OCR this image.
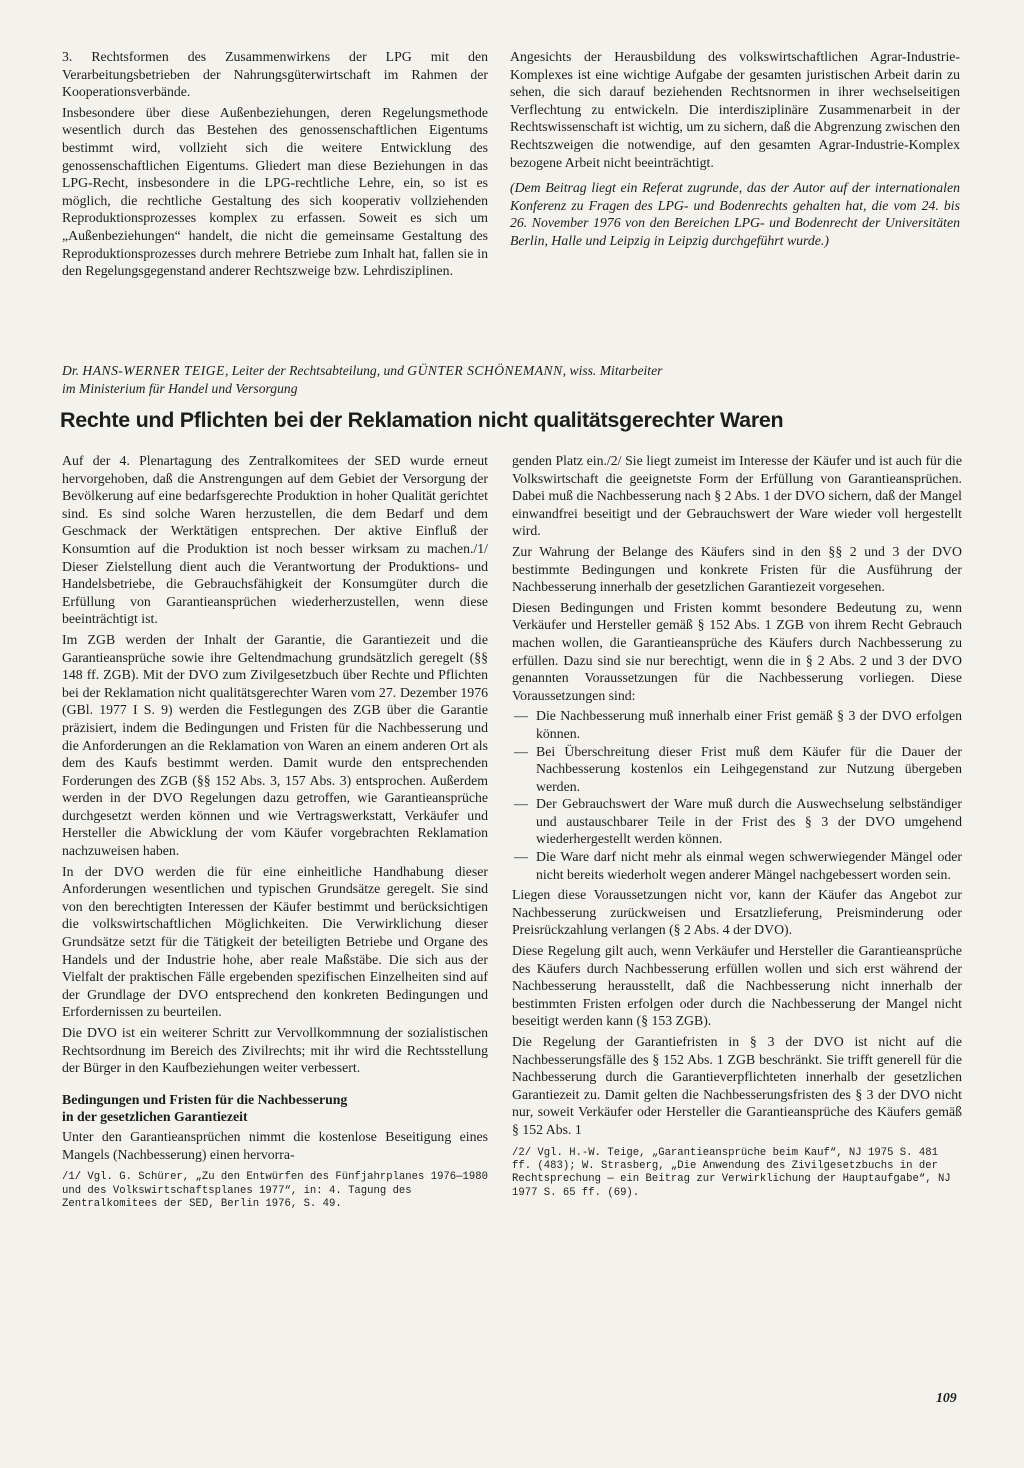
3. Rechtsformen des Zusammenwirkens der LPG mit den Verarbeitungsbetrieben der Nahrungsgüterwirtschaft im Rahmen der Kooperationsverbände.

Insbesondere über diese Außenbeziehungen, deren Regelungsmethode wesentlich durch das Bestehen des genossenschaftlichen Eigentums bestimmt wird, vollzieht sich die weitere Entwicklung des genossenschaftlichen Eigentums. Gliedert man diese Beziehungen in das LPG-Recht, insbesondere in die LPG-rechtliche Lehre, ein, so ist es möglich, die rechtliche Gestaltung des sich kooperativ vollziehenden Reproduktionsprozesses komplex zu erfassen. Soweit es sich um „Außenbeziehungen“ handelt, die nicht die gemeinsame Gestaltung des Reproduktionsprozesses durch mehrere Betriebe zum Inhalt hat, fallen sie in den Regelungsgegenstand anderer Rechtszweige bzw. Lehrdisziplinen.

Angesichts der Herausbildung des volkswirtschaftlichen Agrar-Industrie-Komplexes ist eine wichtige Aufgabe der gesamten juristischen Arbeit darin zu sehen, die sich darauf beziehenden Rechtsnormen in ihrer wechselseitigen Verflechtung zu entwickeln. Die interdisziplinäre Zusammenarbeit in der Rechtswissenschaft ist wichtig, um zu sichern, daß die Abgrenzung zwischen den Rechtszweigen die notwendige, auf den gesamten Agrar-Industrie-Komplex bezogene Arbeit nicht beeinträchtigt.

(Dem Beitrag liegt ein Referat zugrunde, das der Autor auf der internationalen Konferenz zu Fragen des LPG- und Bodenrechts gehalten hat, die vom 24. bis 26. November 1976 von den Bereichen LPG- und Bodenrecht der Universitäten Berlin, Halle und Leipzig in Leipzig durchgeführt wurde.)

Dr. HANS-WERNER TEIGE, Leiter der Rechtsabteilung, und GÜNTER SCHÖNEMANN, wiss. Mitarbeiter
im Ministerium für Handel und Versorgung
Rechte und Pflichten bei der Reklamation nicht qualitätsgerechter Waren

Auf der 4. Plenartagung des Zentralkomitees der SED wurde erneut hervorgehoben, daß die Anstrengungen auf dem Gebiet der Versorgung der Bevölkerung auf eine bedarfsgerechte Produktion in hoher Qualität gerichtet sind. Es sind solche Waren herzustellen, die dem Bedarf und dem Geschmack der Werktätigen entsprechen. Der aktive Einfluß der Konsumtion auf die Produktion ist noch besser wirksam zu machen./1/ Dieser Zielstellung dient auch die Verantwortung der Produktions- und Handelsbetriebe, die Gebrauchsfähigkeit der Konsumgüter durch die Erfüllung von Garantieansprüchen wiederherzustellen, wenn diese beeinträchtigt ist.

Im ZGB werden der Inhalt der Garantie, die Garantiezeit und die Garantieansprüche sowie ihre Geltendmachung grundsätzlich geregelt (§§ 148 ff. ZGB). Mit der DVO zum Zivilgesetzbuch über Rechte und Pflichten bei der Reklamation nicht qualitätsgerechter Waren vom 27. Dezember 1976 (GBl. 1977 I S. 9) werden die Festlegungen des ZGB über die Garantie präzisiert, indem die Bedingungen und Fristen für die Nachbesserung und die Anforderungen an die Reklamation von Waren an einem anderen Ort als dem des Kaufs bestimmt werden. Damit wurde den entsprechenden Forderungen des ZGB (§§ 152 Abs. 3, 157 Abs. 3) entsprochen. Außerdem werden in der DVO Regelungen dazu getroffen, wie Garantieansprüche durchgesetzt werden können und wie Vertragswerkstatt, Verkäufer und Hersteller die Abwicklung der vom Käufer vorgebrachten Reklamation nachzuweisen haben.

In der DVO werden die für eine einheitliche Handhabung dieser Anforderungen wesentlichen und typischen Grundsätze geregelt. Sie sind von den berechtigten Interessen der Käufer bestimmt und berücksichtigen die volkswirtschaftlichen Möglichkeiten. Die Verwirklichung dieser Grundsätze setzt für die Tätigkeit der beteiligten Betriebe und Organe des Handels und der Industrie hohe, aber reale Maßstäbe. Die sich aus der Vielfalt der praktischen Fälle ergebenden spezifischen Einzelheiten sind auf der Grundlage der DVO entsprechend den konkreten Bedingungen und Erfordernissen zu beurteilen.

Die DVO ist ein weiterer Schritt zur Vervollkommnung der sozialistischen Rechtsordnung im Bereich des Zivilrechts; mit ihr wird die Rechtsstellung der Bürger in den Kaufbeziehungen weiter verbessert.

Bedingungen und Fristen für die Nachbesserung
in der gesetzlichen Garantiezeit

Unter den Garantieansprüchen nimmt die kostenlose Beseitigung eines Mangels (Nachbesserung) einen hervorra-

/1/ Vgl. G. Schürer, „Zu den Entwürfen des Fünfjahrplanes 1976—1980 und des Volkswirtschaftsplanes 1977“, in: 4. Tagung des Zentralkomitees der SED, Berlin 1976, S. 49.

genden Platz ein./2/ Sie liegt zumeist im Interesse der Käufer und ist auch für die Volkswirtschaft die geeignetste Form der Erfüllung von Garantieansprüchen. Dabei muß die Nachbesserung nach § 2 Abs. 1 der DVO sichern, daß der Mangel einwandfrei beseitigt und der Gebrauchswert der Ware wieder voll hergestellt wird.

Zur Wahrung der Belange des Käufers sind in den §§ 2 und 3 der DVO bestimmte Bedingungen und konkrete Fristen für die Ausführung der Nachbesserung innerhalb der gesetzlichen Garantiezeit vorgesehen.

Diesen Bedingungen und Fristen kommt besondere Bedeutung zu, wenn Verkäufer und Hersteller gemäß § 152 Abs. 1 ZGB von ihrem Recht Gebrauch machen wollen, die Garantieansprüche des Käufers durch Nachbesserung zu erfüllen. Dazu sind sie nur berechtigt, wenn die in § 2 Abs. 2 und 3 der DVO genannten Voraussetzungen für die Nachbesserung vorliegen. Diese Voraussetzungen sind:

— Die Nachbesserung muß innerhalb einer Frist gemäß § 3 der DVO erfolgen können.
— Bei Überschreitung dieser Frist muß dem Käufer für die Dauer der Nachbesserung kostenlos ein Leihgegenstand zur Nutzung übergeben werden.
— Der Gebrauchswert der Ware muß durch die Auswechselung selbständiger und austauschbarer Teile in der Frist des § 3 der DVO umgehend wiederhergestellt werden können.
— Die Ware darf nicht mehr als einmal wegen schwerwiegender Mängel oder nicht bereits wiederholt wegen anderer Mängel nachgebessert worden sein.

Liegen diese Voraussetzungen nicht vor, kann der Käufer das Angebot zur Nachbesserung zurückweisen und Ersatzlieferung, Preisminderung oder Preisrückzahlung verlangen (§ 2 Abs. 4 der DVO).

Diese Regelung gilt auch, wenn Verkäufer und Hersteller die Garantieansprüche des Käufers durch Nachbesserung erfüllen wollen und sich erst während der Nachbesserung herausstellt, daß die Nachbesserung nicht innerhalb der bestimmten Fristen erfolgen oder durch die Nachbesserung der Mangel nicht beseitigt werden kann (§ 153 ZGB).

Die Regelung der Garantiefristen in § 3 der DVO ist nicht auf die Nachbesserungsfälle des § 152 Abs. 1 ZGB beschränkt. Sie trifft generell für die Nachbesserung durch die Garantieverpflichteten innerhalb der gesetzlichen Garantiezeit zu. Damit gelten die Nachbesserungsfristen des § 3 der DVO nicht nur, soweit Verkäufer oder Hersteller die Garantieansprüche des Käufers gemäß § 152 Abs. 1

/2/ Vgl. H.-W. Teige, „Garantieansprüche beim Kauf“, NJ 1975 S. 481 ff. (483); W. Strasberg, „Die Anwendung des Zivilgesetzbuchs in der Rechtsprechung — ein Beitrag zur Verwirklichung der Hauptaufgabe“, NJ 1977 S. 65 ff. (69).
109
